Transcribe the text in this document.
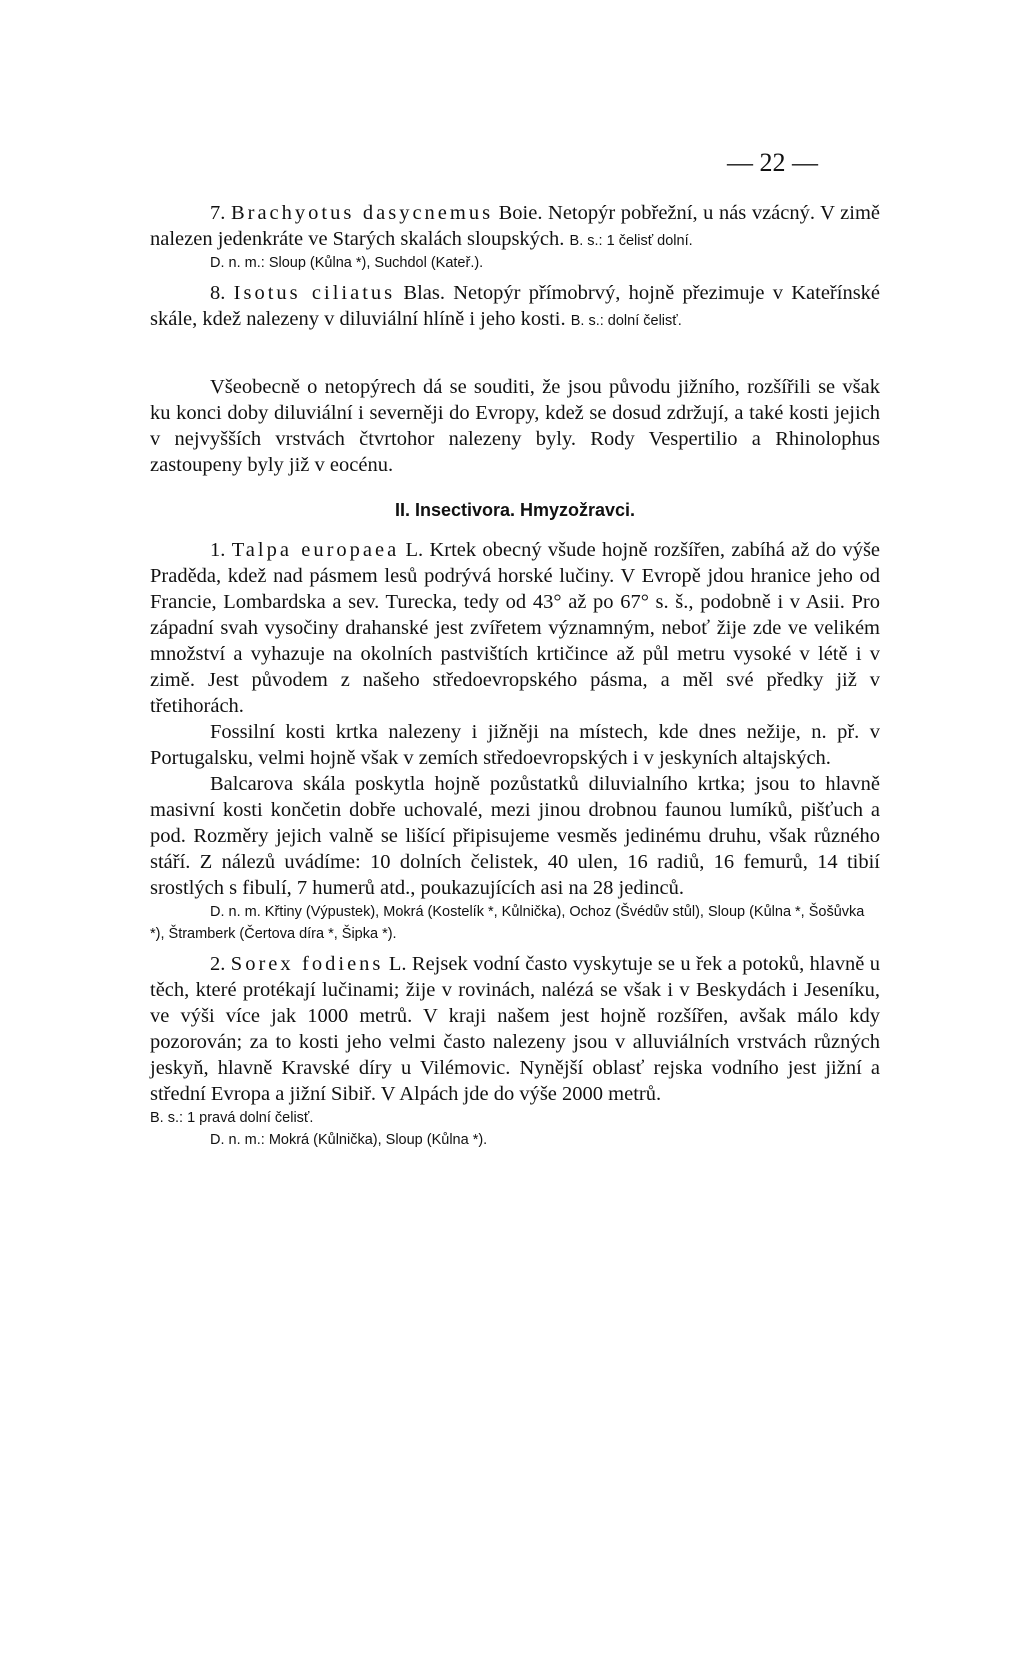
— 22 —

7. Brachyotus dasycnemus Boie. Netopýr pobřežní, u nás vzácný. V zimě nalezen jedenkráte ve Starých skalách sloupských. B. s.: 1 čelisť dolní.

D. n. m.: Sloup (Kůlna *), Suchdol (Kateř.).

8. Isotus ciliatus Blas. Netopýr přímobrvý, hojně přezimuje v Kateřínské skále, kdež nalezeny v diluviální hlíně i jeho kosti. B. s.: dolní čelisť.

Všeobecně o netopýrech dá se souditi, že jsou původu jižního, rozšířili se však ku konci doby diluviální i severněji do Evropy, kdež se dosud zdržují, a také kosti jejich v nejvyšších vrstvách čtvrtohor nalezeny byly. Rody Vespertilio a Rhinolophus zastoupeny byly již v eocénu.

II. Insectivora. Hmyzožravci.

1. Talpa europaea L. Krtek obecný všude hojně rozšířen, zabíhá až do výše Praděda, kdež nad pásmem lesů podrývá horské lučiny. V Evropě jdou hranice jeho od Francie, Lombardska a sev. Turecka, tedy od 43° až po 67° s. š., podobně i v Asii. Pro západní svah vysočiny drahanské jest zvířetem významným, neboť žije zde ve velikém množství a vyhazuje na okolních pastvištích krtičince až půl metru vysoké v létě i v zimě. Jest původem z našeho středoevropského pásma, a měl své předky již v třetihorách.

Fossilní kosti krtka nalezeny i jižněji na místech, kde dnes nežije, n. př. v Portugalsku, velmi hojně však v zemích středoevropských i v jeskyních altajských.

Balcarova skála poskytla hojně pozůstatků diluvialního krtka; jsou to hlavně masivní kosti končetin dobře uchovalé, mezi jinou drobnou faunou lumíků, pišťuch a pod. Rozměry jejich valně se lišící připisujeme vesměs jedinému druhu, však různého stáří. Z nálezů uvádíme: 10 dolních čelistek, 40 ulen, 16 radiů, 16 femurů, 14 tibií srostlých s fibulí, 7 humerů atd., poukazujících asi na 28 jedinců.

D. n. m. Křtiny (Výpustek), Mokrá (Kostelík *, Kůlnička), Ochoz (Švédův stůl), Sloup (Kůlna *, Šošůvka *), Štramberk (Čertova díra *, Šipka *).

2. Sorex fodiens L. Rejsek vodní často vyskytuje se u řek a potoků, hlavně u těch, které protékají lučinami; žije v rovinách, nalézá se však i v Beskydách i Jeseníku, ve výši více jak 1000 metrů. V kraji našem jest hojně rozšířen, avšak málo kdy pozorován; za to kosti jeho velmi často nalezeny jsou v alluviálních vrstvách různých jeskyň, hlavně Kravské díry u Vilémovic. Nynější oblasť rejska vodního jest jižní a střední Evropa a jižní Sibiř. V Alpách jde do výše 2000 metrů.

B. s.: 1 pravá dolní čelisť.

D. n. m.: Mokrá (Kůlnička), Sloup (Kůlna *).
